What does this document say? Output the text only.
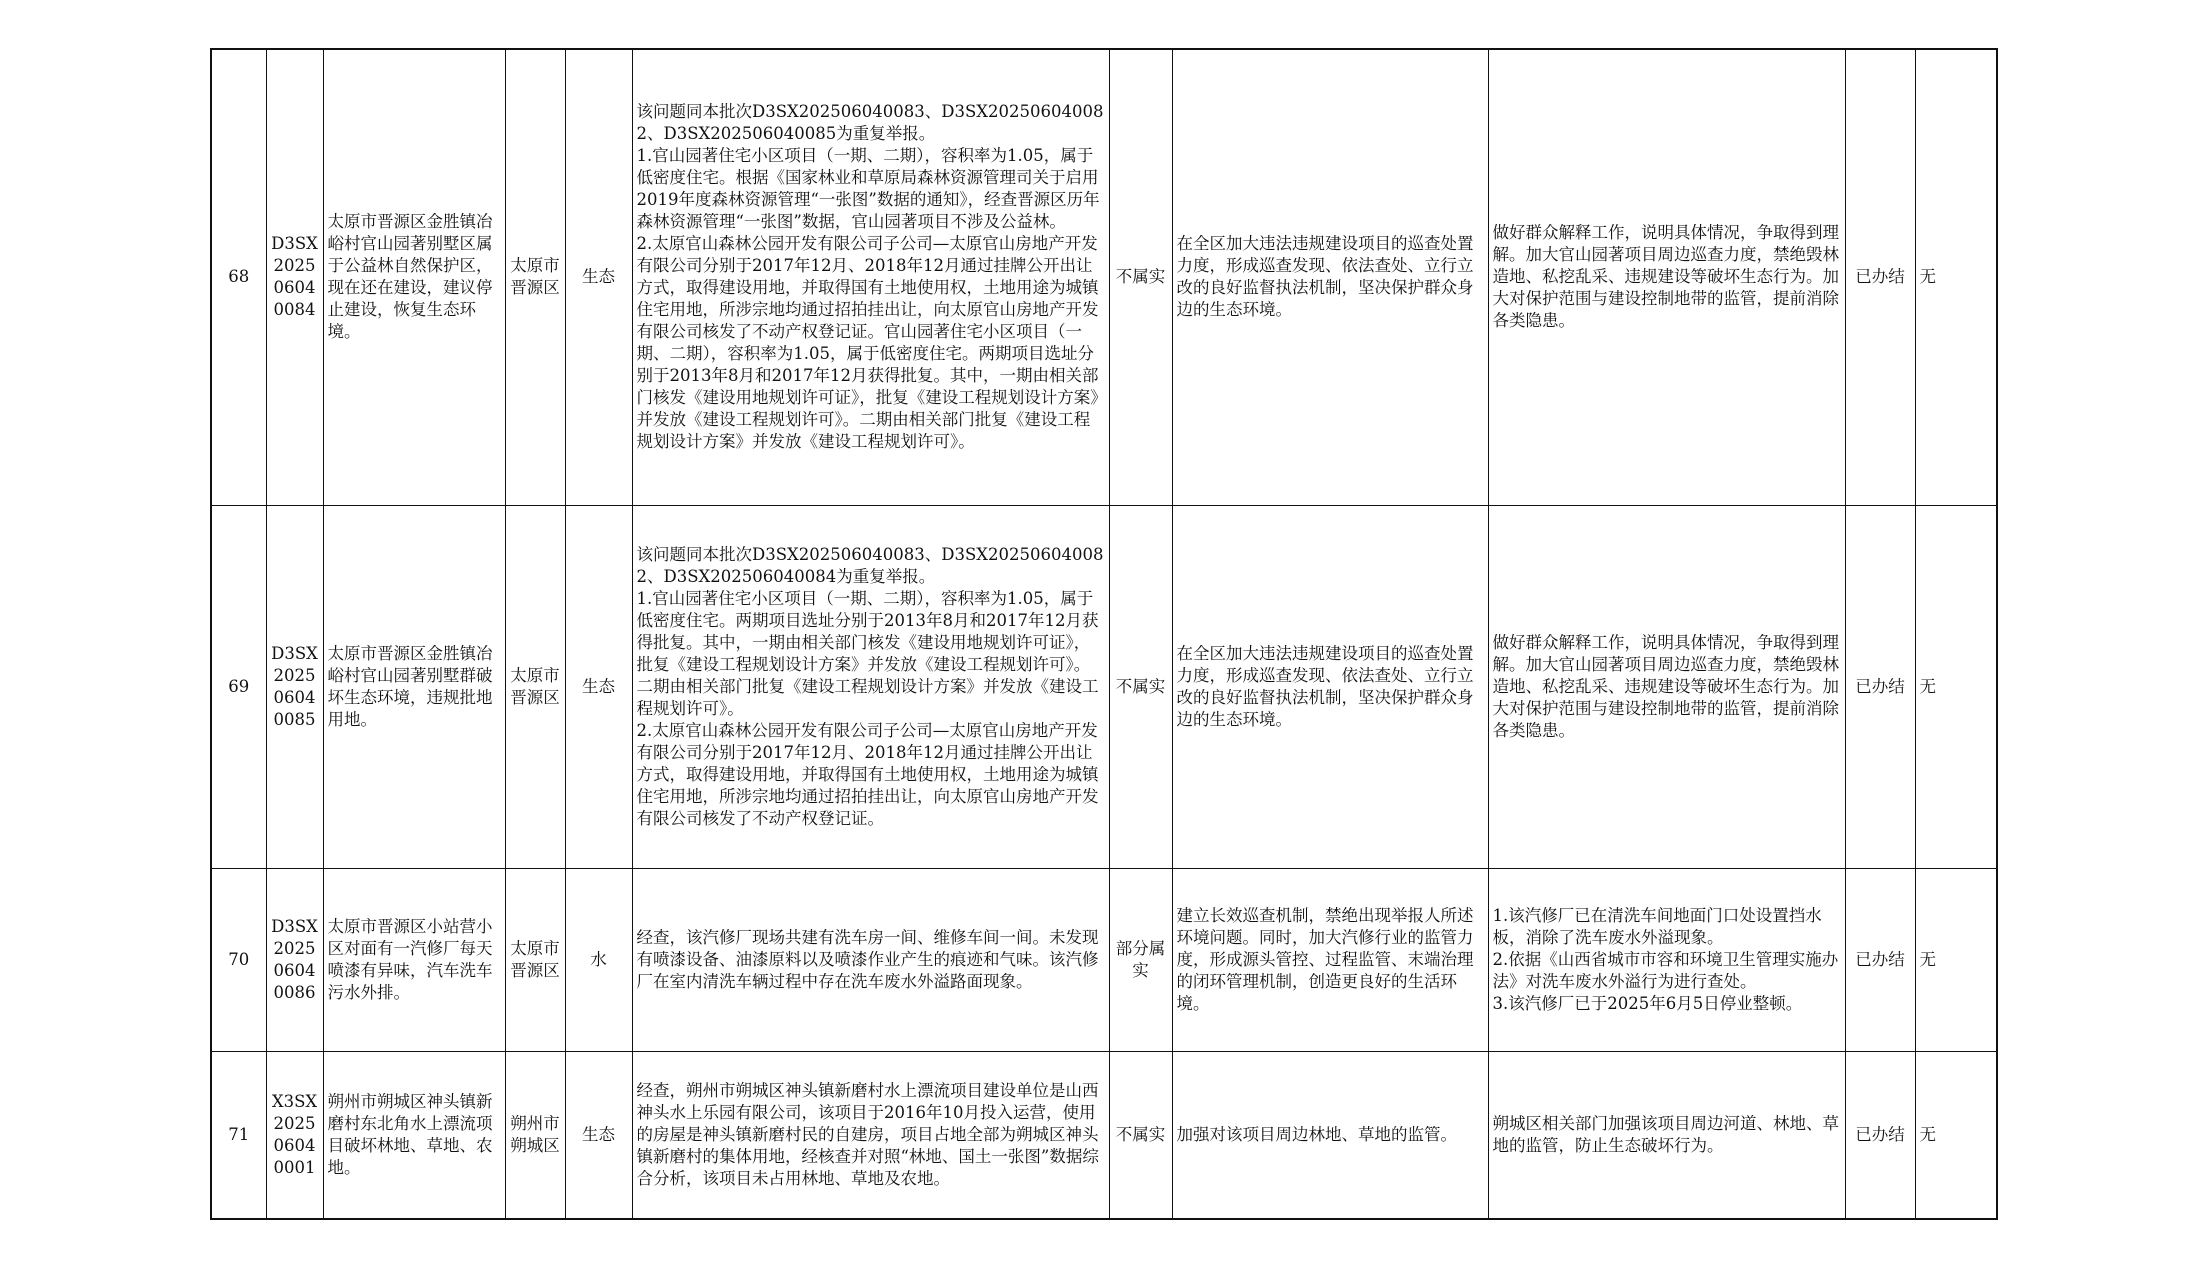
68	D3SX202506040084	太原市晋源区金胜镇冶峪村官山园著别墅区属于公益林自然保护区，现在还在建设，建议停止建设，恢复生态环境。	太原市晋源区	生态	该问题同本批次D3SX202506040083、D3SX202506040082、D3SX202506040085为重复举报。
1.官山园著住宅小区项目（一期、二期），容积率为1.05，属于低密度住宅。根据《国家林业和草原局森林资源管理司关于启用2019年度森林资源管理“一张图”数据的通知》，经查晋源区历年森林资源管理“一张图”数据，官山园著项目不涉及公益林。
2.太原官山森林公园开发有限公司子公司—太原官山房地产开发有限公司分别于2017年12月、2018年12月通过挂牌公开出让方式，取得建设用地，并取得国有土地使用权，土地用途为城镇住宅用地，所涉宗地均通过招拍挂出让，向太原官山房地产开发有限公司核发了不动产权登记证。官山园著住宅小区项目（一期、二期），容积率为1.05，属于低密度住宅。两期项目选址分别于2013年8月和2017年12月获得批复。其中，一期由相关部门核发《建设用地规划许可证》，批复《建设工程规划设计方案》并发放《建设工程规划许可》。二期由相关部门批复《建设工程规划设计方案》并发放《建设工程规划许可》。	不属实	在全区加大违法违规建设项目的巡查处置力度，形成巡查发现、依法查处、立行立改的良好监督执法机制，坚决保护群众身边的生态环境。	做好群众解释工作，说明具体情况，争取得到理解。加大官山园著项目周边巡查力度，禁绝毁林造地、私挖乱采、违规建设等破坏生态行为。加大对保护范围与建设控制地带的监管，提前消除各类隐患。	已办结	无
69	D3SX202506040085	太原市晋源区金胜镇冶峪村官山园著别墅群破坏生态环境，违规批地用地。	太原市晋源区	生态	该问题同本批次D3SX202506040083、D3SX202506040082、D3SX202506040084为重复举报。
1.官山园著住宅小区项目（一期、二期），容积率为1.05，属于低密度住宅。两期项目选址分别于2013年8月和2017年12月获得批复。其中，一期由相关部门核发《建设用地规划许可证》，批复《建设工程规划设计方案》并发放《建设工程规划许可》。二期由相关部门批复《建设工程规划设计方案》并发放《建设工程规划许可》。
2.太原官山森林公园开发有限公司子公司—太原官山房地产开发有限公司分别于2017年12月、2018年12月通过挂牌公开出让方式，取得建设用地，并取得国有土地使用权，土地用途为城镇住宅用地，所涉宗地均通过招拍挂出让，向太原官山房地产开发有限公司核发了不动产权登记证。	不属实	在全区加大违法违规建设项目的巡查处置力度，形成巡查发现、依法查处、立行立改的良好监督执法机制，坚决保护群众身边的生态环境。	做好群众解释工作，说明具体情况，争取得到理解。加大官山园著项目周边巡查力度，禁绝毁林造地、私挖乱采、违规建设等破坏生态行为。加大对保护范围与建设控制地带的监管，提前消除各类隐患。	已办结	无
70	D3SX202506040086	太原市晋源区小站营小区对面有一汽修厂每天喷漆有异味，汽车洗车污水外排。	太原市晋源区	水	经查，该汽修厂现场共建有洗车房一间、维修车间一间。未发现有喷漆设备、油漆原料以及喷漆作业产生的痕迹和气味。该汽修厂在室内清洗车辆过程中存在洗车废水外溢路面现象。	部分属实	建立长效巡查机制，禁绝出现举报人所述环境问题。同时，加大汽修行业的监管力度，形成源头管控、过程监管、末端治理的闭环管理机制，创造更良好的生活环境。	1.该汽修厂已在清洗车间地面门口处设置挡水板，消除了洗车废水外溢现象。
2.依据《山西省城市市容和环境卫生管理实施办法》对洗车废水外溢行为进行查处。
3.该汽修厂已于2025年6月5日停业整顿。	已办结	无
71	X3SX202506040001	朔州市朔城区神头镇新磨村东北角水上漂流项目破坏林地、草地、农地。	朔州市朔城区	生态	经查，朔州市朔城区神头镇新磨村水上漂流项目建设单位是山西神头水上乐园有限公司，该项目于2016年10月投入运营，使用的房屋是神头镇新磨村民的自建房，项目占地全部为朔城区神头镇新磨村的集体用地，经核查并对照“林地、国土一张图”数据综合分析，该项目未占用林地、草地及农地。	不属实	加强对该项目周边林地、草地的监管。	朔城区相关部门加强该项目周边河道、林地、草地的监管，防止生态破坏行为。	已办结	无
